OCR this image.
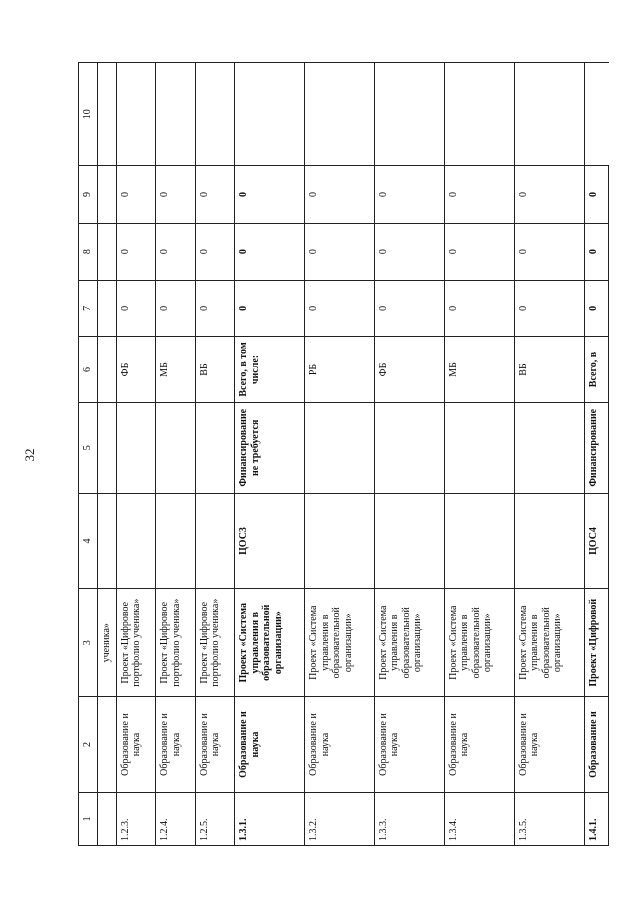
32
1	2	3	4	5	6	7	8	9	10
		ученика»							
1.2.3.	Образование и наука	Проект «Цифровое портфолио ученика»			ФБ	0	0	0	
1.2.4.	Образование и наука	Проект «Цифровое портфолио ученика»			МБ	0	0	0	
1.2.5.	Образование и наука	Проект «Цифровое портфолио ученика»			ВБ	0	0	0	
1.3.1.	Образование и наука	Проект «Система управления в образовательной организации»	ЦОС3	Финансирование не требуется	Всего, в том числе:	0	0	0	
1.3.2.	Образование и наука	Проект «Система управления в образовательной организации»			РБ	0	0	0	
1.3.3.	Образование и наука	Проект «Система управления в образовательной организации»			ФБ	0	0	0	
1.3.4.	Образование и наука	Проект «Система управления в образовательной организации»			МБ	0	0	0	
1.3.5.	Образование и наука	Проект «Система управления в образовательной организации»			ВБ	0	0	0	
1.4.1.	Образование и	Проект «Цифровой	ЦОС4	Финансирование	Всего, в	0	0	0	
